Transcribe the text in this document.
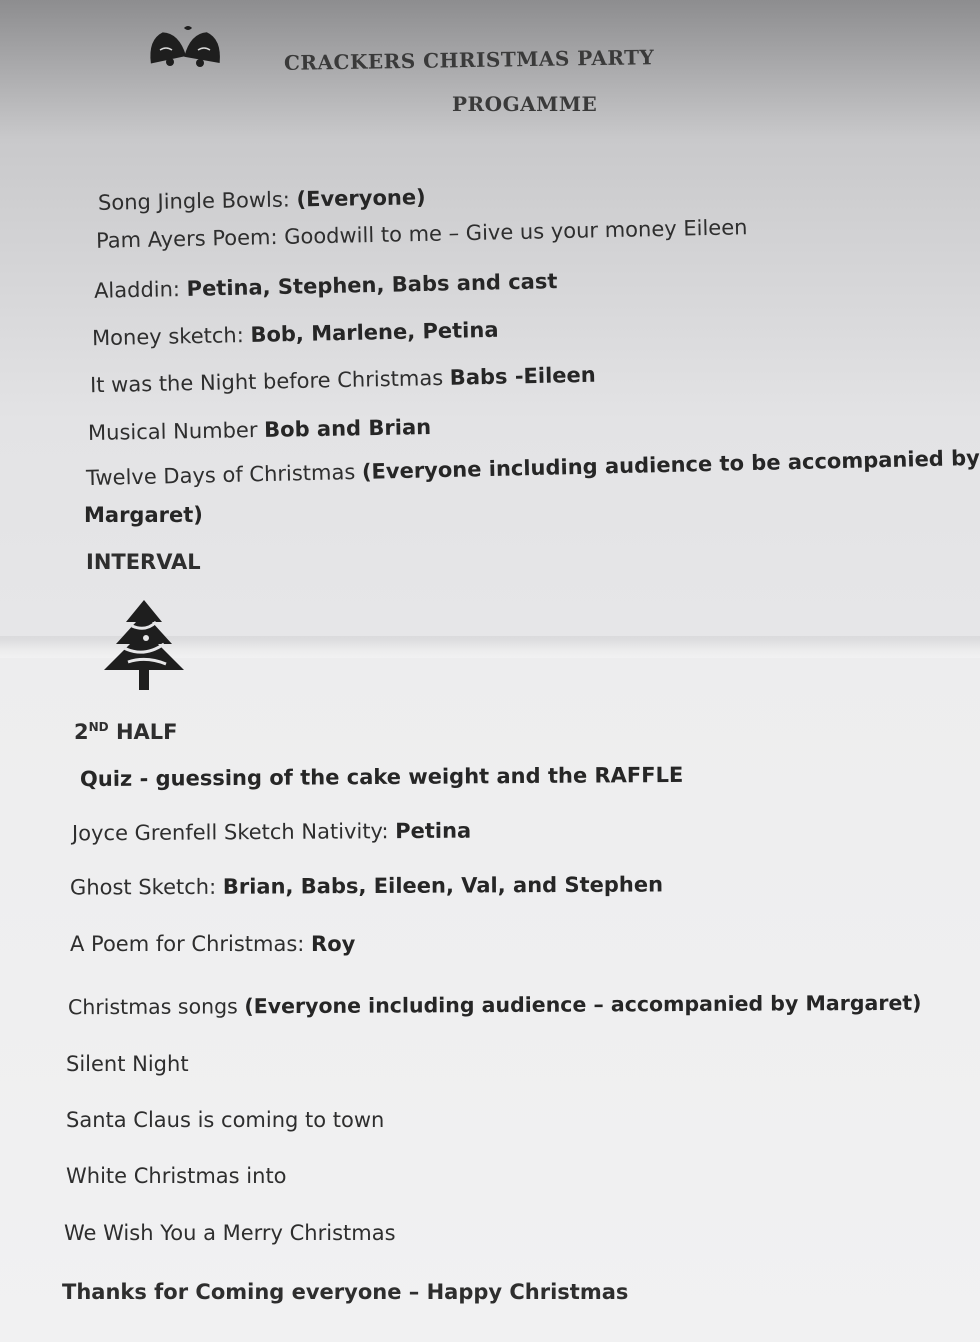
CRACKERS CHRISTMAS PARTY
PROGAMME
Song Jingle Bowls: (Everyone)
Pam Ayers Poem: Goodwill to me – Give us your money Eileen
Aladdin: Petina, Stephen, Babs and cast
Money sketch: Bob, Marlene, Petina
It was the Night before Christmas Babs -Eileen
Musical Number Bob and Brian
Twelve Days of Christmas (Everyone including audience to be accompanied by
Margaret)
INTERVAL
2ND HALF
Quiz - guessing of the cake weight and the RAFFLE
Joyce Grenfell Sketch Nativity: Petina
Ghost Sketch: Brian, Babs, Eileen, Val, and Stephen
A Poem for Christmas: Roy
Christmas songs (Everyone including audience – accompanied by Margaret)
Silent Night
Santa Claus is coming to town
White Christmas into
We Wish You a Merry Christmas
Thanks for Coming everyone – Happy Christmas
